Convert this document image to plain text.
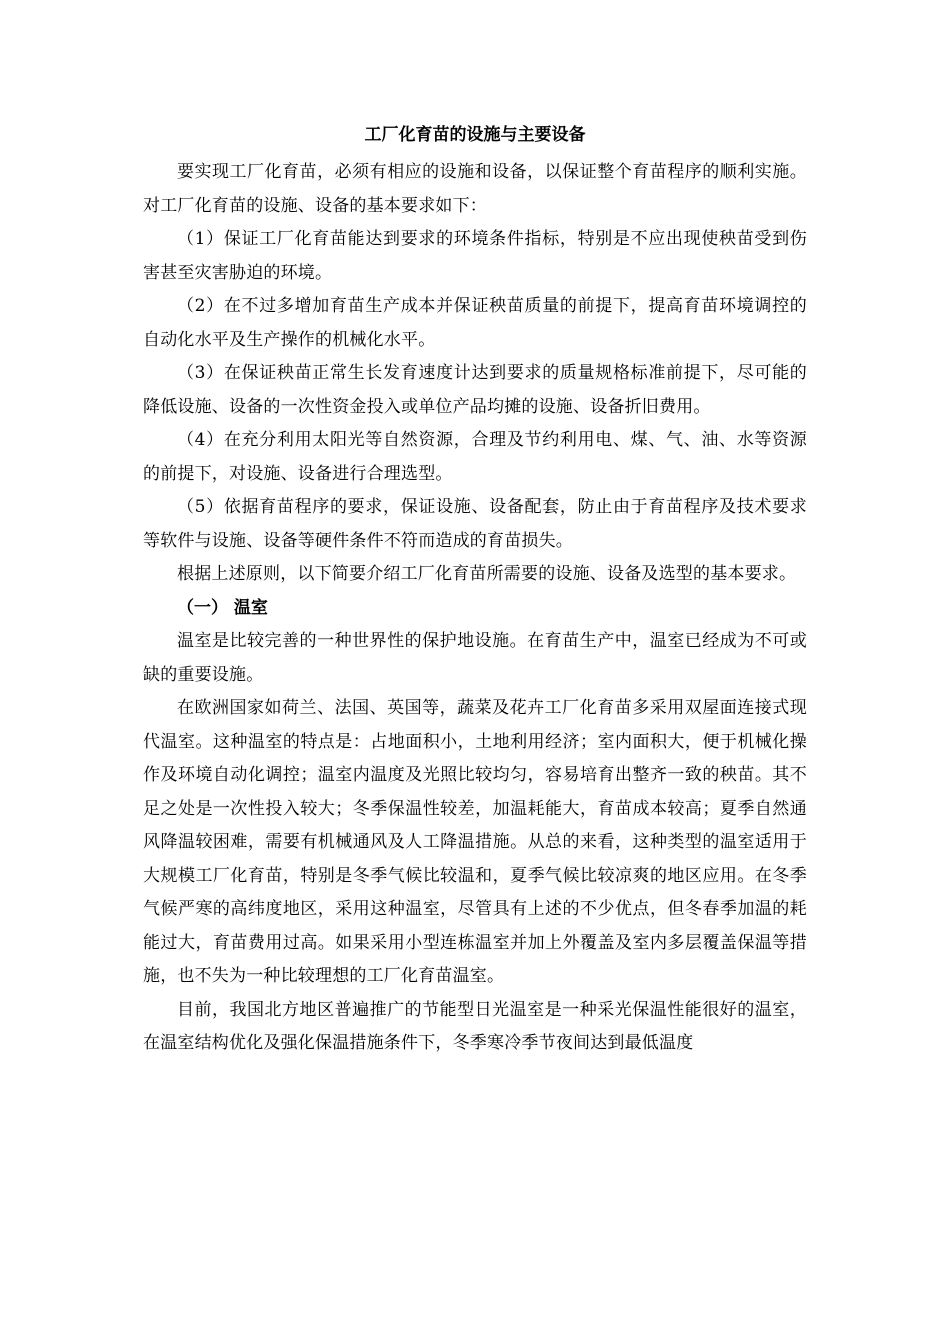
工厂化育苗的设施与主要设备

要实现工厂化育苗，必须有相应的设施和设备，以保证整个育苗程序的顺利实施。对工厂化育苗的设施、设备的基本要求如下：

（1）保证工厂化育苗能达到要求的环境条件指标，特别是不应出现使秧苗受到伤害甚至灾害胁迫的环境。

（2）在不过多增加育苗生产成本并保证秧苗质量的前提下，提高育苗环境调控的自动化水平及生产操作的机械化水平。

（3）在保证秧苗正常生长发育速度计达到要求的质量规格标准前提下，尽可能的降低设施、设备的一次性资金投入或单位产品均摊的设施、设备折旧费用。

（4）在充分利用太阳光等自然资源，合理及节约利用电、煤、气、油、水等资源的前提下，对设施、设备进行合理选型。

（5）依据育苗程序的要求，保证设施、设备配套，防止由于育苗程序及技术要求等软件与设施、设备等硬件条件不符而造成的育苗损失。

根据上述原则，以下简要介绍工厂化育苗所需要的设施、设备及选型的基本要求。

（一） 温室

温室是比较完善的一种世界性的保护地设施。在育苗生产中，温室已经成为不可或缺的重要设施。

在欧洲国家如荷兰、法国、英国等，蔬菜及花卉工厂化育苗多采用双屋面连接式现代温室。这种温室的特点是：占地面积小，土地利用经济；室内面积大，便于机械化操作及环境自动化调控；温室内温度及光照比较均匀，容易培育出整齐一致的秧苗。其不足之处是一次性投入较大；冬季保温性较差，加温耗能大，育苗成本较高；夏季自然通风降温较困难，需要有机械通风及人工降温措施。从总的来看，这种类型的温室适用于大规模工厂化育苗，特别是冬季气候比较温和，夏季气候比较凉爽的地区应用。在冬季气候严寒的高纬度地区，采用这种温室，尽管具有上述的不少优点，但冬春季加温的耗能过大，育苗费用过高。如果采用小型连栋温室并加上外覆盖及室内多层覆盖保温等措施，也不失为一种比较理想的工厂化育苗温室。

目前，我国北方地区普遍推广的节能型日光温室是一种采光保温性能很好的温室，在温室结构优化及强化保温措施条件下，冬季寒冷季节夜间达到最低温度
